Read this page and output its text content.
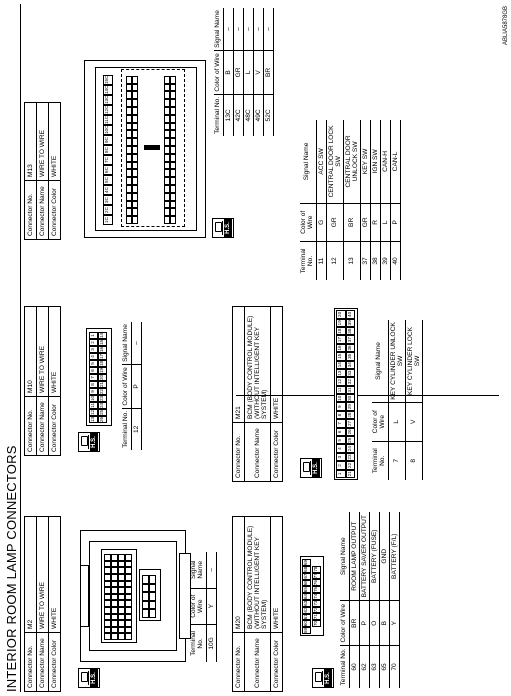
INTERIOR ROOM LAMP CONNECTORS Connector No.	M2
Connector Name	WIRE TO WIRE
Connector Color	WHITE
H.S.
Terminal No.	Color of Wire	Signal Name
10G	Y	–
Connector No.	M10
Connector Name	WIRE TO WIRE
Connector Color	WHITE
H.S.
13
12
11
10
9
8
7
6
5
4
3
2
1
26
25
24
23
22
21
20
19
18
17
16
15
14
Terminal No.	Color of Wire	Signal Name
12	P	–
Connector No.	M13
Connector Name	WIRE TO WIRE
Connector Color	WHITE
H.S.
1C
2C
3C
4C
5C
6C
7C
8C
9C
10C
11C
12C
13C
14C
15C
Terminal No.	Color of Wire	Signal Name
13C	B	–
42C	GR	–
48C	L	–
49C	V	–
52C	BR	–
Connector No.	M20
Connector Name	BCM (BODY CONTROL MODULE) (WITHOUT INTELLIGENT KEY SYSTEM)
Connector Color	WHITE
H.S.
59
60
61
62
63
64
65
66
67
68
69
70
71
72
73
74
75
76
77
78
Terminal No.	Color of Wire	Signal Name
60	BR	ROOM LAMP OUTPUT
62	P	BATTERY SAVER OUTPUT
63	O	BATTERY (FUSE)
65	B	GND
70	Y	BATTERY (F/L)
Connector No.	M21
Connector Name	BCM (BODY CONTROL MODULE) (WITHOUT INTELLIGENT KEY SYSTEM)
Connector Color	WHITE
H.S.	1
2
3
4
5
6
7
8
9
10
11
12
13
14
15
16
17
18
19
20
21
22
23
24
25
26
27
28
29
30
31
32
33
34
35
36
37
38
39
40
Terminal No.	Color of Wire	Signal Name
7	L	KEY CYLINDER UNLOCK SW
8	V	KEY CYLINDER LOCK SW
Terminal No.	Color of Wire	Signal Name
11	G	ACC SW
12	GR	CENTRAL DOOR LOCK SW
13	BR	CENTRAL DOOR UNLOCK SW
37	GR	KEY SW
38	R	IGN SW
39	L	CAN-H
40	P	CAN-L
ABLIA5878GB
